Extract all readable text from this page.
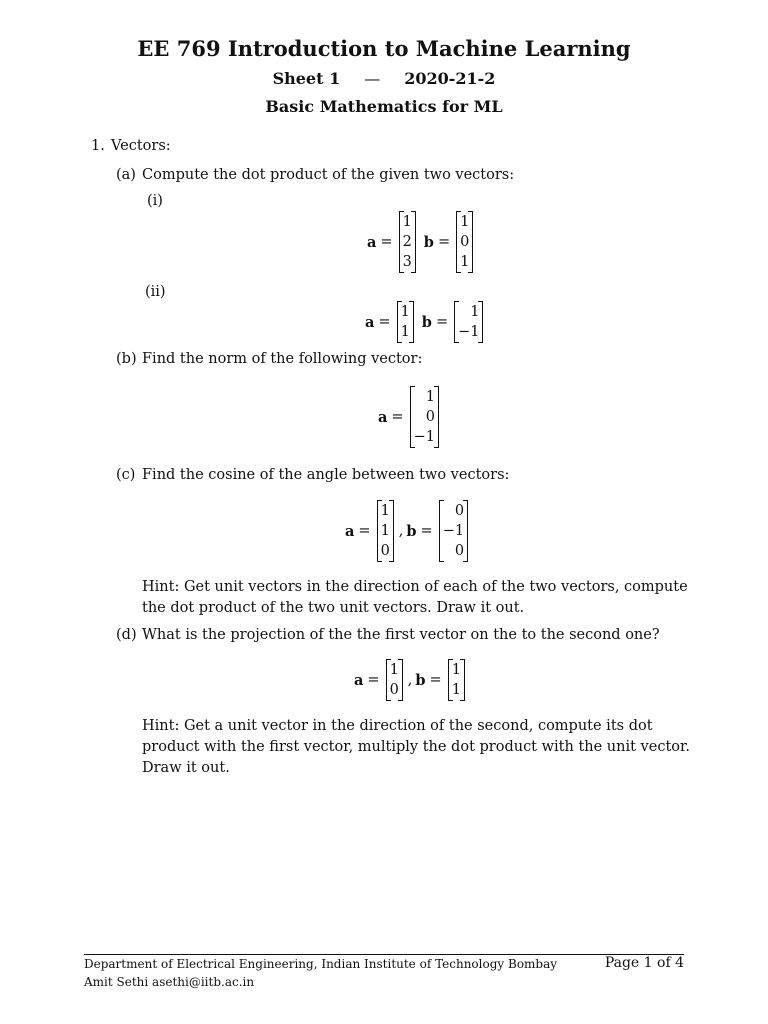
EE 769 Introduction to Machine Learning
Sheet 1 — 2020-21-2
Basic Mathematics for ML
1. Vectors:
(a) Compute the dot product of the given two vectors:
(i)
a =
1
2
3
b =
1
0
1
(ii)
a =
1
1
b =
1
−1
(b) Find the norm of the following vector:
a =
1
0
−1
(c) Find the cosine of the angle between two vectors:
a =
1
1
0
, b =
0
−1
0
Hint: Get unit vectors in the direction of each of the two vectors, compute the dot product of the two unit vectors. Draw it out.
(d) What is the projection of the the first vector on the to the second one?
a =
1
0
, b =
1
1
Hint: Get a unit vector in the direction of the second, compute its dot product with the first vector, multiply the dot product with the unit vector. Draw it out.
Department of Electrical Engineering, Indian Institute of Technology Bombay
Amit Sethi asethi@iitb.ac.in
Page 1 of 4
